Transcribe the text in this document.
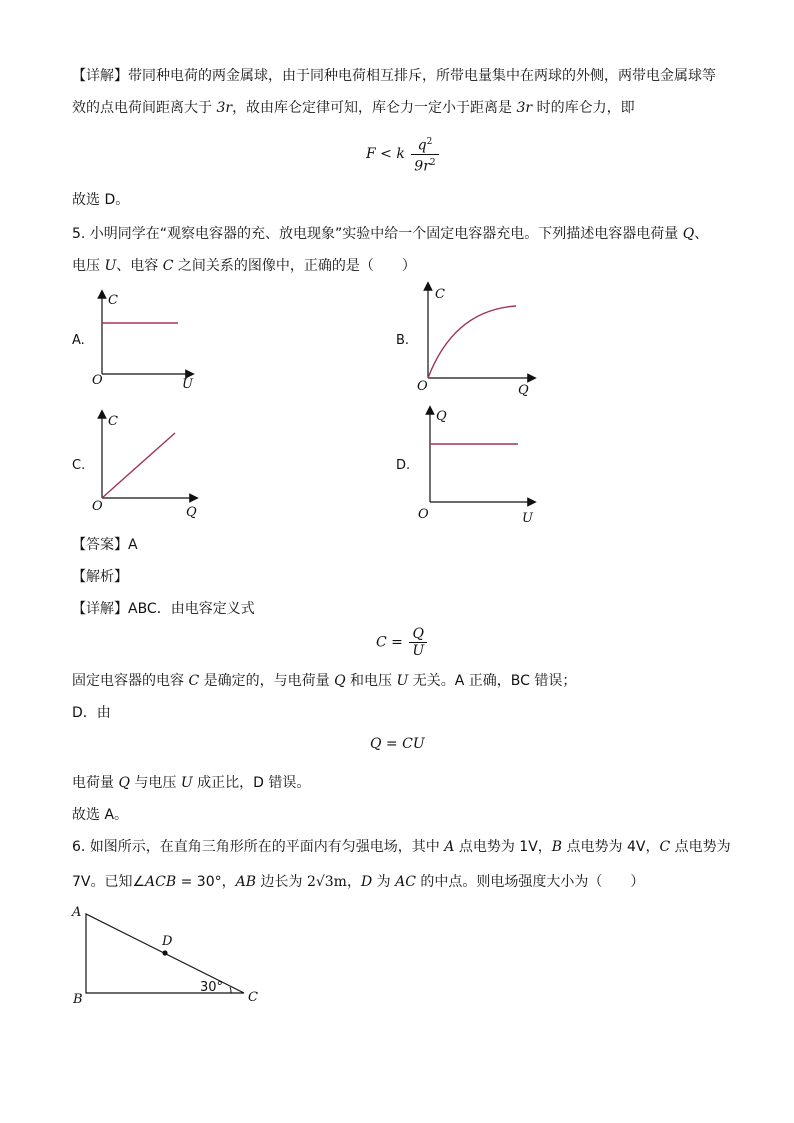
【详解】带同种电荷的两金属球，由于同种电荷相互排斥，所带电量集中在两球的外侧，两带电金属球等
效的点电荷间距离大于 3r，故由库仑定律可知，库仑力一定小于距离是 3r 时的库仑力，即
F < k $\frac{q^2}{9r^2}$
故选 D。
5. 小明同学在“观察电容器的充、放电现象”实验中给一个固定电容器充电。下列描述电容器电荷量 Q、
电压 U、电容 C 之间关系的图像中，正确的是（　　）
A.
C
U
O
B.
C
Q
O
C.
C
Q
O
D.
Q
U
O
【答案】A
【解析】
【详解】ABC．由电容定义式
$C = \frac{Q}{U}$
固定电容器的电容 C 是确定的，与电荷量 Q 和电压 U 无关。A 正确，BC 错误；
D．由
Q = CU
电荷量 Q 与电压 U 成正比，D 错误。
故选 A。
6. 如图所示，在直角三角形所在的平面内有匀强电场，其中 A 点电势为 1V，B 点电势为 4V，C 点电势为
7V。已知∠ACB = 30°，AB 边长为 2√3m，D 为 AC 的中点。则电场强度大小为（　　）
A
B	C
D
30°
